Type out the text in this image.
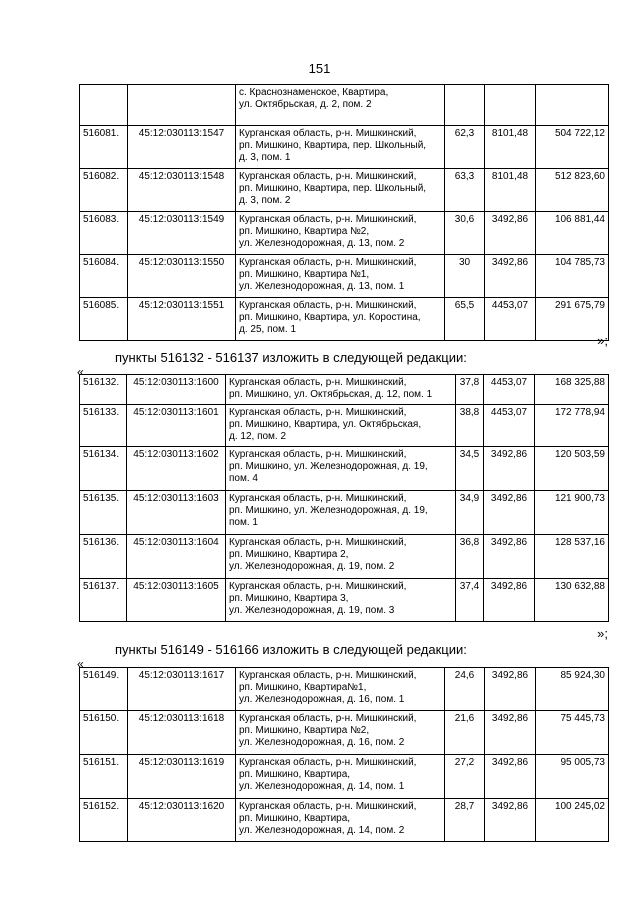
151
		с. Краснознаменское, Квартира,
ул. Октябрьская, д. 2, пом. 2			
516081.	45:12:030113:1547	Курганская область, р-н. Мишкинский,
рп. Мишкино, Квартира, пер. Школьный,
д. 3, пом. 1	62,3	8101,48	504 722,12
516082.	45:12:030113:1548	Курганская область, р-н. Мишкинский,
рп. Мишкино, Квартира, пер. Школьный,
д. 3, пом. 2	63,3	8101,48	512 823,60
516083.	45:12:030113:1549	Курганская область, р-н. Мишкинский,
рп. Мишкино, Квартира №2,
ул. Железнодорожная, д. 13, пом. 2	30,6	3492,86	106 881,44
516084.	45:12:030113:1550	Курганская область, р-н. Мишкинский,
рп. Мишкино, Квартира №1,
ул. Железнодорожная, д. 13, пом. 1	30	3492,86	104 785,73
516085.	45:12:030113:1551	Курганская область, р-н. Мишкинский,
рп. Мишкино, Квартира, ул. Коростина,
д. 25, пом. 1	65,5	4453,07	291 675,79
»;
пункты 516132 - 516137 изложить в следующей редакции:
«
516132.	45:12:030113:1600	Курганская область, р-н. Мишкинский,
рп. Мишкино, ул. Октябрьская, д. 12, пом. 1	37,8	4453,07	168 325,88
516133.	45:12:030113:1601	Курганская область, р-н. Мишкинский,
рп. Мишкино, Квартира, ул. Октябрьская,
д. 12, пом. 2	38,8	4453,07	172 778,94
516134.	45:12:030113:1602	Курганская область, р-н. Мишкинский,
рп. Мишкино, ул. Железнодорожная, д. 19,
пом. 4	34,5	3492,86	120 503,59
516135.	45:12:030113:1603	Курганская область, р-н. Мишкинский,
рп. Мишкино, ул. Железнодорожная, д. 19,
пом. 1	34,9	3492,86	121 900,73
516136.	45:12:030113:1604	Курганская область, р-н. Мишкинский,
рп. Мишкино, Квартира 2,
ул. Железнодорожная, д. 19, пом. 2	36,8	3492,86	128 537,16
516137.	45:12:030113:1605	Курганская область, р-н. Мишкинский,
рп. Мишкино, Квартира 3,
ул. Железнодорожная, д. 19, пом. 3	37,4	3492,86	130 632,88
»;
пункты 516149 - 516166 изложить в следующей редакции:
«
516149.	45:12:030113:1617	Курганская область, р-н. Мишкинский,
рп. Мишкино, Квартира№1,
ул. Железнодорожная, д. 16, пом. 1	24,6	3492,86	85 924,30
516150.	45:12:030113:1618	Курганская область, р-н. Мишкинский,
рп. Мишкино, Квартира №2,
ул. Железнодорожная, д. 16, пом. 2	21,6	3492,86	75 445,73
516151.	45:12:030113:1619	Курганская область, р-н. Мишкинский,
рп. Мишкино, Квартира,
ул. Железнодорожная, д. 14, пом. 1	27,2	3492,86	95 005,73
516152.	45:12:030113:1620	Курганская область, р-н. Мишкинский,
рп. Мишкино, Квартира,
ул. Железнодорожная, д. 14, пом. 2	28,7	3492,86	100 245,02
